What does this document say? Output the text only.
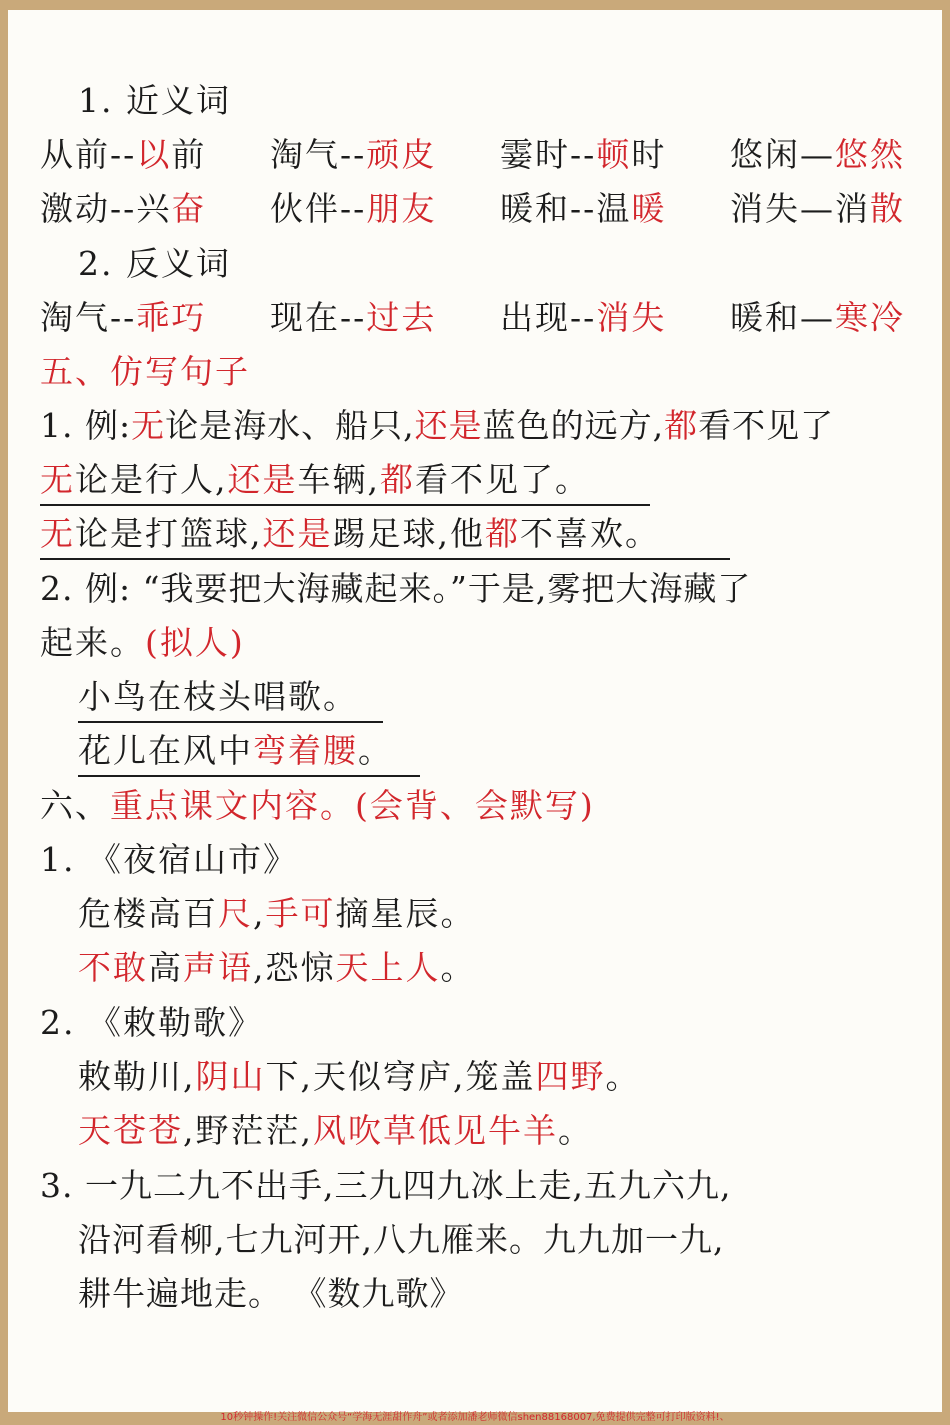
1. 近义词
从前--以前 淘气--顽皮 霎时--顿时 悠闲—悠然
激动--兴奋 伙伴--朋友 暖和--温暖 消失—消散
2. 反义词
淘气--乖巧 现在--过去 出现--消失 暖和—寒冷
五、仿写句子
1. 例:无论是海水、船只,还是蓝色的远方,都看不见了
无论是行人,还是车辆,都看不见了。
无论是打篮球,还是踢足球,他都不喜欢。
2. 例: “我要把大海藏起来。”于是,雾把大海藏了
起来。(拟人)
小鸟在枝头唱歌。
花儿在风中弯着腰。
六、重点课文内容。(会背、会默写)
1. 《夜宿山市》
危楼高百尺,手可摘星辰。
不敢高声语,恐惊天上人。
2. 《敕勒歌》
敕勒川,阴山下,天似穹庐,笼盖四野。
天苍苍,野茫茫,风吹草低见牛羊。
3. 一九二九不出手,三九四九冰上走,五九六九,
沿河看柳,七九河开,八九雁来。九九加一九,
耕牛遍地走。 《数九歌》
10秒钟操作!关注微信公众号“学海无涯甜作舟”或者添加潘老师微信shen88168007,免费提供完整可打印版资料!、
